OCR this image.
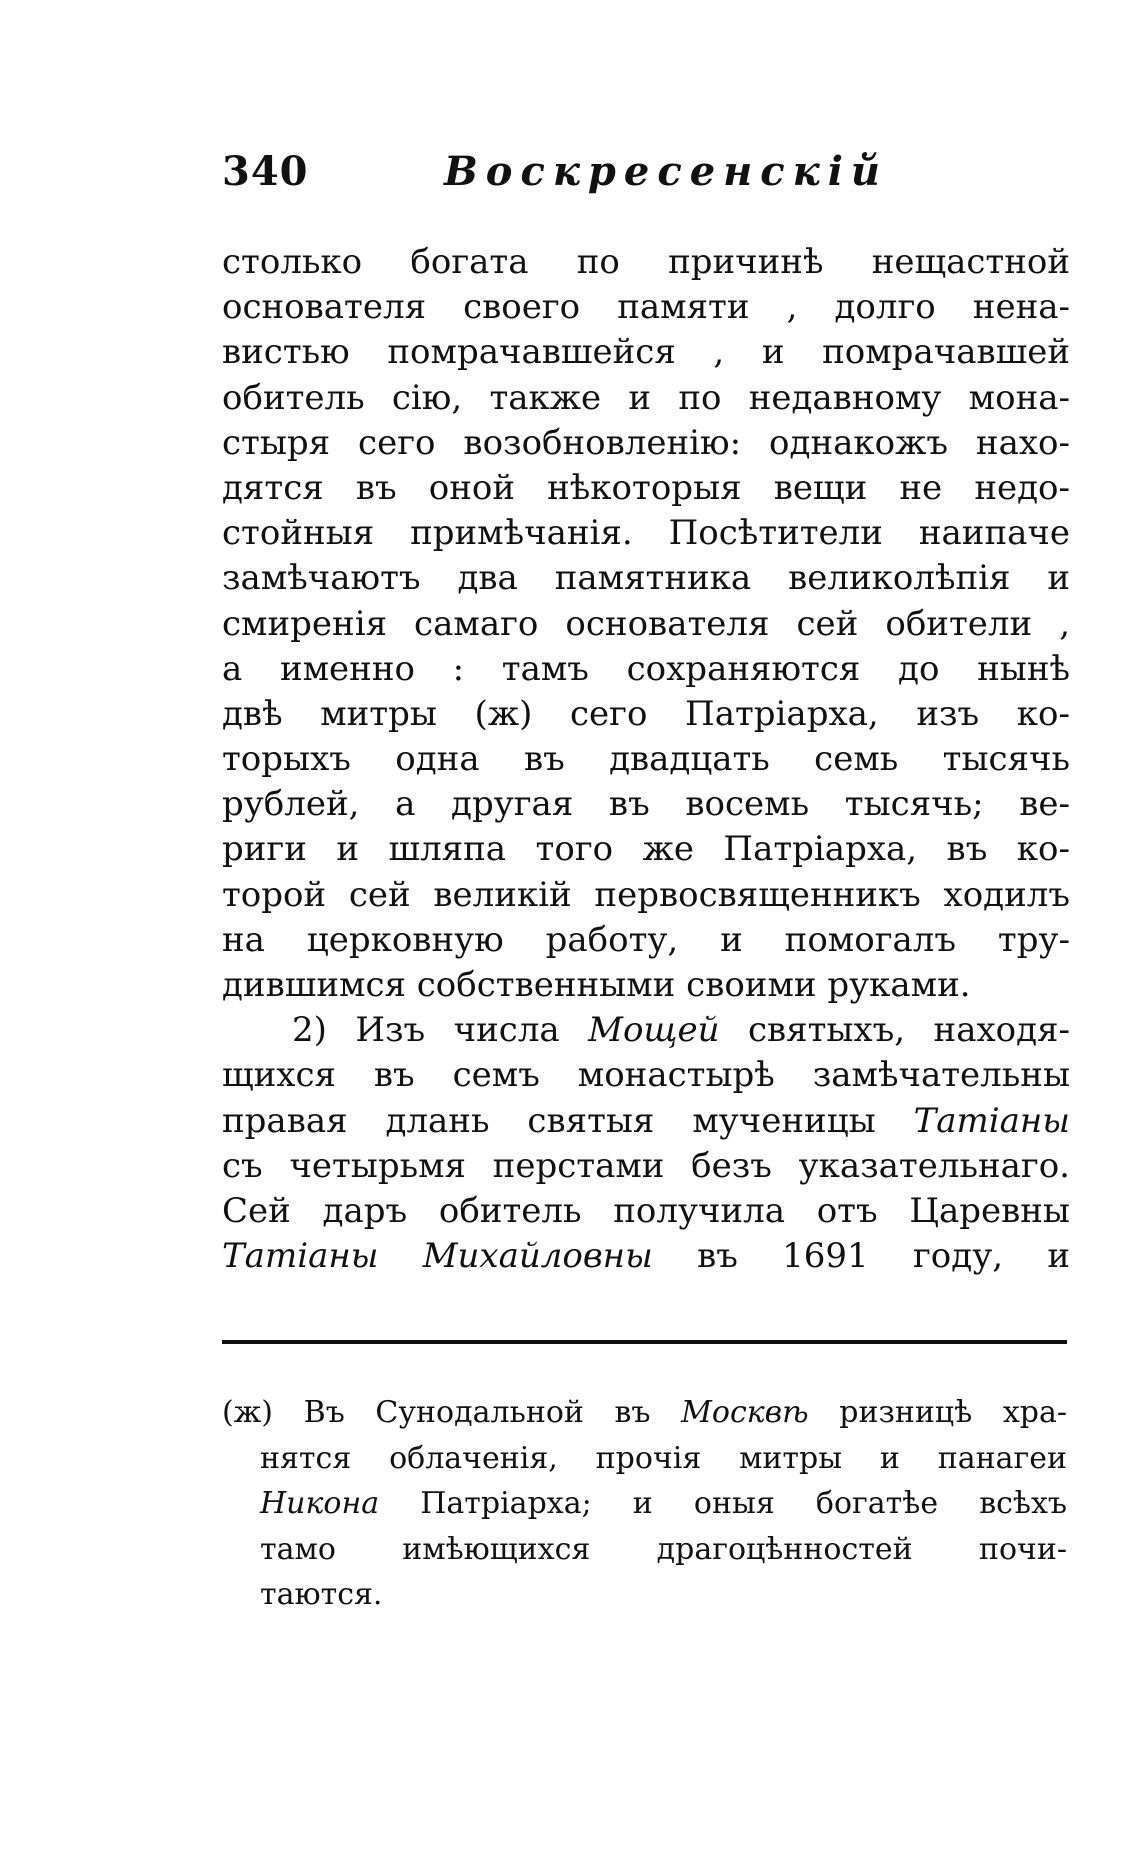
340	Воскресенскій
столько богата по причинѣ нещастной
основателя своего памяти , долго нена-
вистью помрачавшейся , и помрачавшей
обитель сію, также и по недавному мона-
стыря сего возобновленію: однакожъ нахо-
дятся въ оной нѣкоторыя вещи не недо-
стойныя примѣчанія. Посѣтители наипаче
замѣчаютъ два памятника великолѣпія и
смиренія самаго основателя сей обители ,
а именно : тамъ сохраняются до нынѣ
двѣ митры (ж) сего Патріарха, изъ ко-
торыхъ одна въ двадцать семь тысячь
рублей, а другая въ восемь тысячь; ве-
риги и шляпа того же Патріарха, въ ко-
торой сей великій первосвященникъ ходилъ
на церковную работу, и помогалъ тру-
дившимся собственными своими руками.
2) Изъ числа Мощей святыхъ, находя-
щихся въ семъ монастырѣ замѣчательны
правая длань святыя мученицы Татіаны
съ четырьмя перстами безъ указательнаго.
Сей даръ обитель получила отъ Царевны
Татіаны Михайловны въ 1691 году, и
(ж) Въ Сунодальной въ Москвѣ ризницѣ хра-
нятся облаченія, прочія митры и панагеи
Никона Патріарха; и оныя богатѣе всѣхъ
тамо имѣющихся драгоцѣнностей почи-
таются.
